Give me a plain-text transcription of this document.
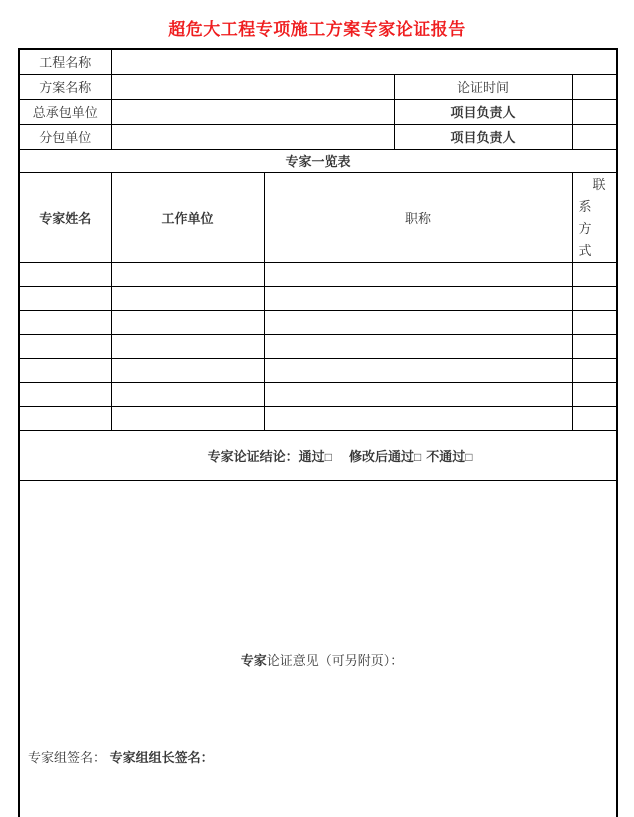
超危大工程专项施工方案专家论证报告
工程名称				
方案名称			论证时间	
总承包单位			项目负责人	
分包单位			项目负责人	
专家一览表				
专家姓名	工作单位	职称		联系方式

专家论证结论：通过□ 修改后通过□ 不通过□				

专家论证意见（可另附页）：
专家组签名： 专家组组长签名：				
